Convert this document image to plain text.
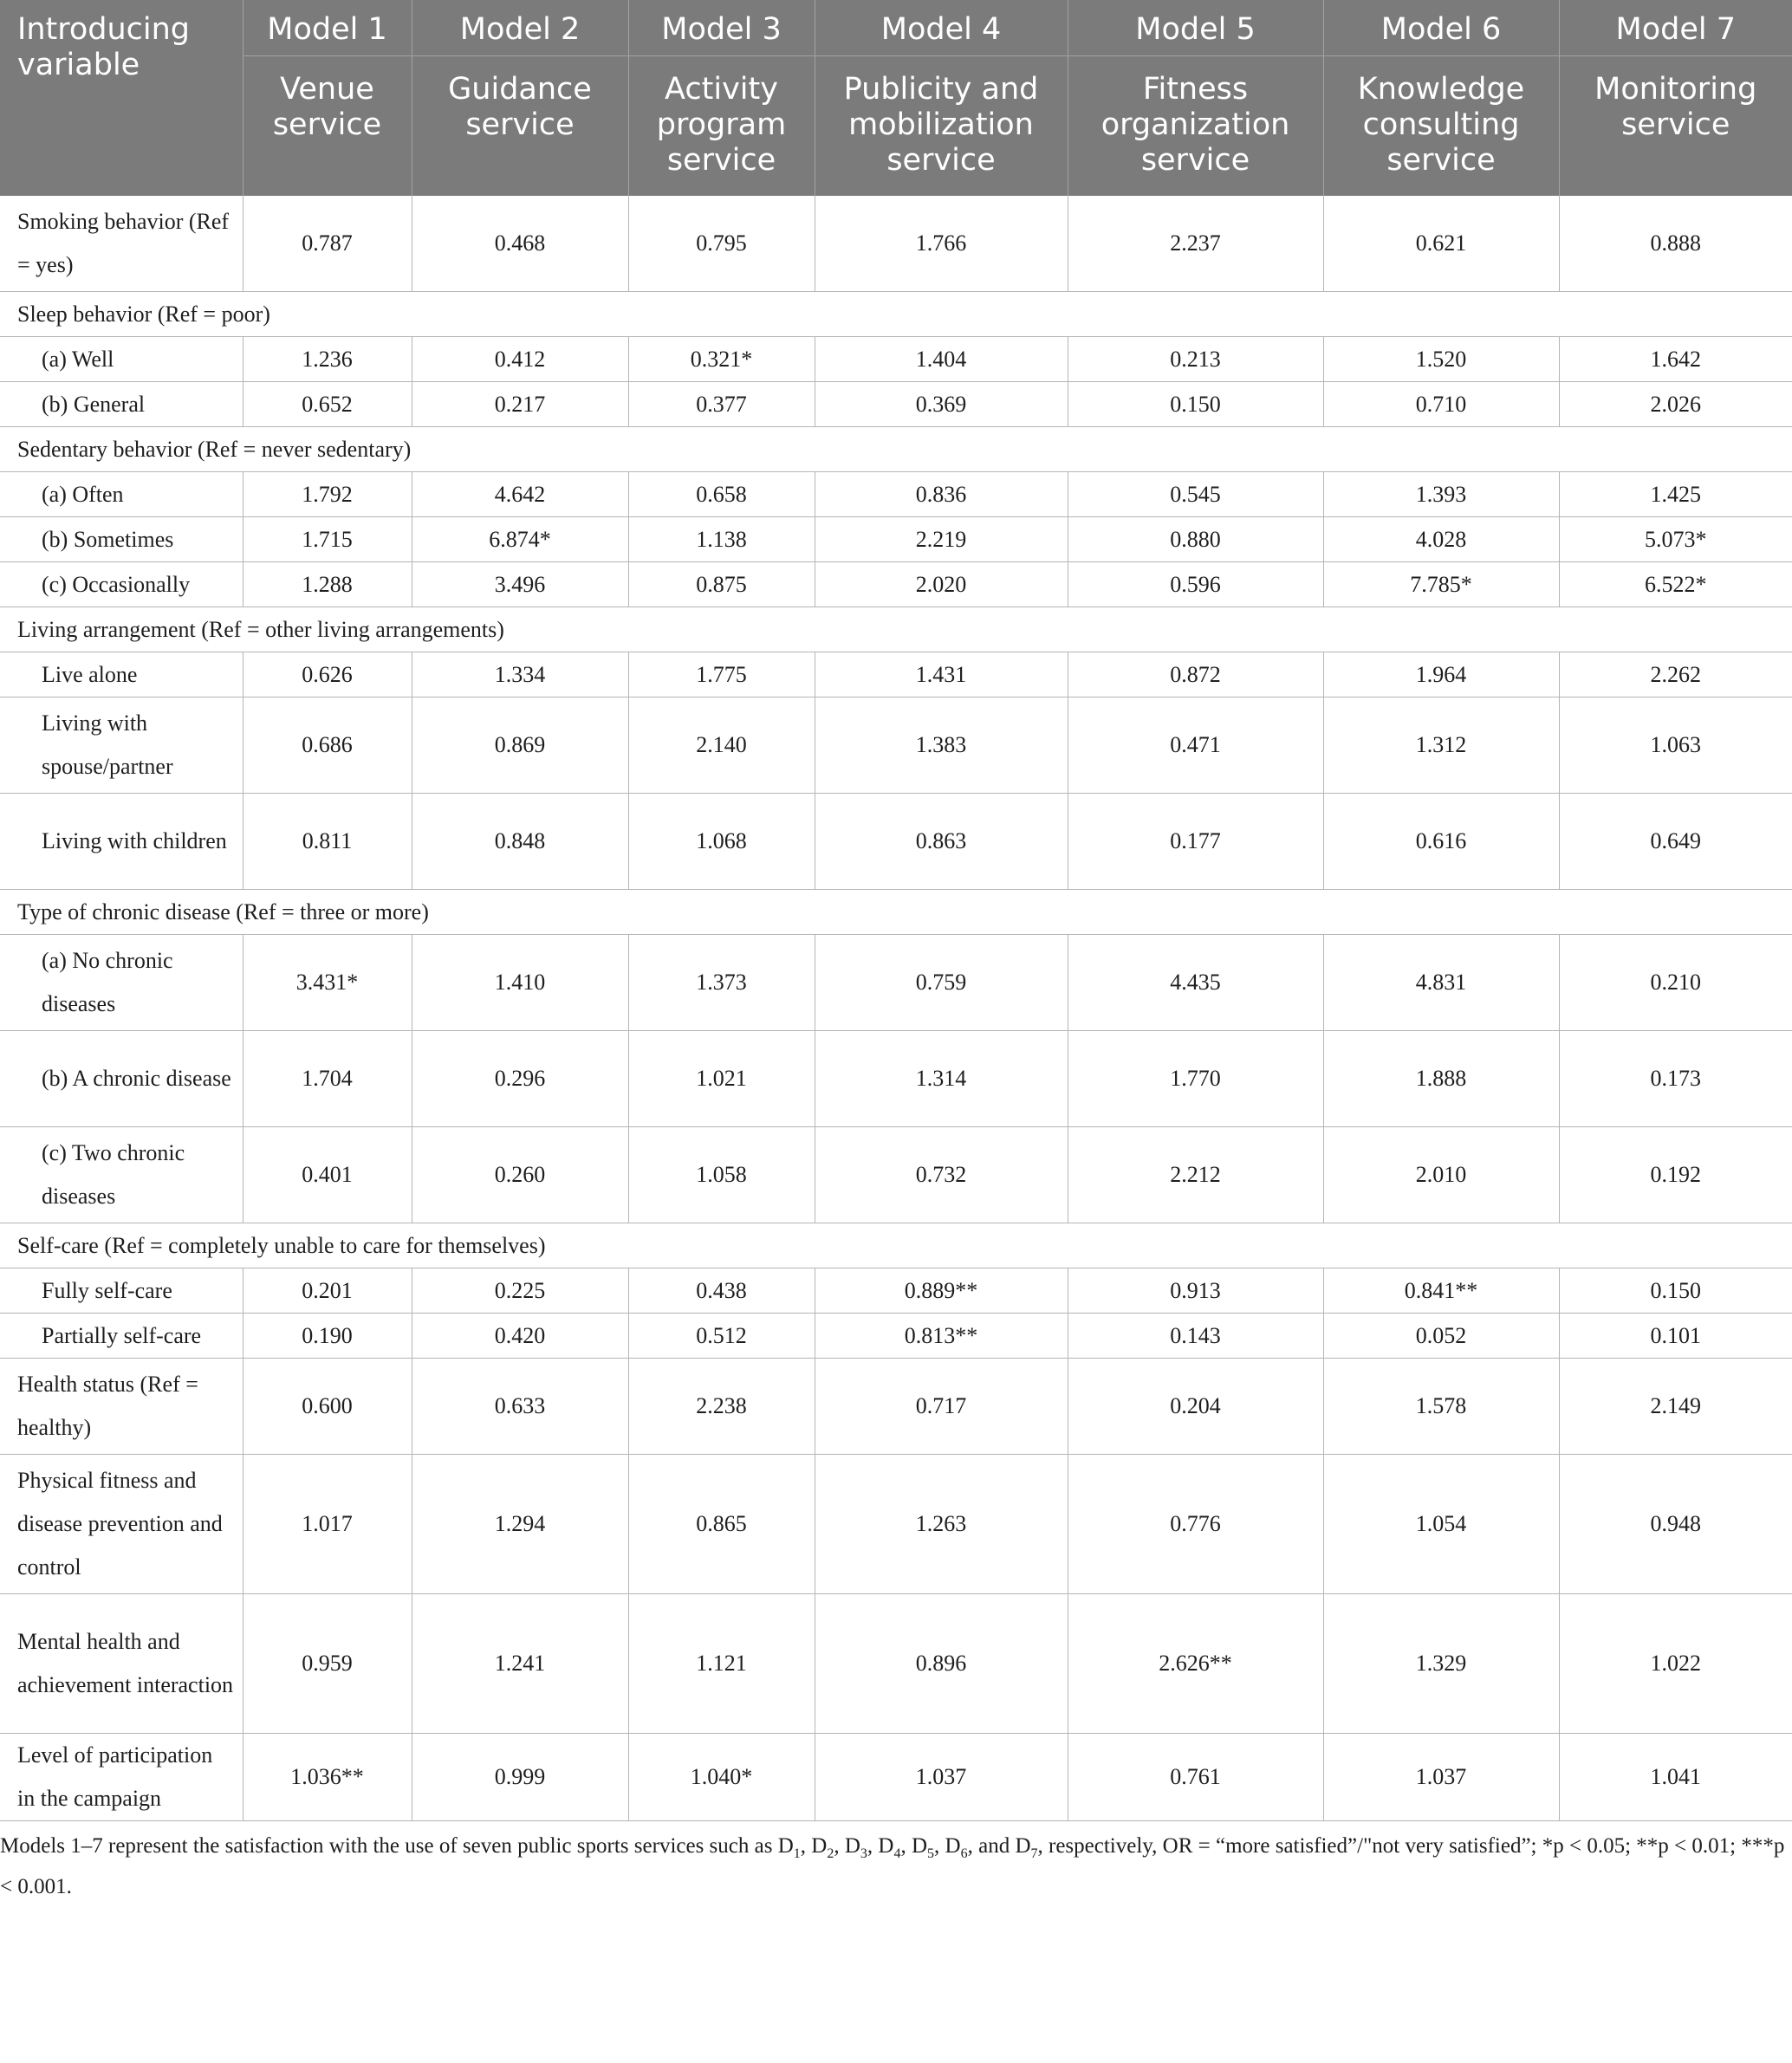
Introducing variable	Model 1	Model 2	Model 3	Model 4	Model 5	Model 6	Model 7
	Venue service	Guidance service	Activity program service	Publicity and mobilization service	Fitness organization service	Knowledge consulting service	Monitoring service
Smoking behavior (Ref = yes)	0.787	0.468	0.795	1.766	2.237	0.621	0.888
Sleep behavior (Ref = poor)							
(a) Well	1.236	0.412	0.321*	1.404	0.213	1.520	1.642
(b) General	0.652	0.217	0.377	0.369	0.150	0.710	2.026
Sedentary behavior (Ref = never sedentary)							
(a) Often	1.792	4.642	0.658	0.836	0.545	1.393	1.425
(b) Sometimes	1.715	6.874*	1.138	2.219	0.880	4.028	5.073*
(c) Occasionally	1.288	3.496	0.875	2.020	0.596	7.785*	6.522*
Living arrangement (Ref = other living arrangements)							
Live alone	0.626	1.334	1.775	1.431	0.872	1.964	2.262
Living with spouse/partner	0.686	0.869	2.140	1.383	0.471	1.312	1.063
Living with children	0.811	0.848	1.068	0.863	0.177	0.616	0.649
Type of chronic disease (Ref = three or more)							
(a) No chronic diseases	3.431*	1.410	1.373	0.759	4.435	4.831	0.210
(b) A chronic disease	1.704	0.296	1.021	1.314	1.770	1.888	0.173
(c) Two chronic diseases	0.401	0.260	1.058	0.732	2.212	2.010	0.192
Self-care (Ref = completely unable to care for themselves)							
Fully self-care	0.201	0.225	0.438	0.889**	0.913	0.841**	0.150
Partially self-care	0.190	0.420	0.512	0.813**	0.143	0.052	0.101
Health status (Ref = healthy)	0.600	0.633	2.238	0.717	0.204	1.578	2.149
Physical fitness and disease prevention and control	1.017	1.294	0.865	1.263	0.776	1.054	0.948
Mental health and achievement interaction	0.959	1.241	1.121	0.896	2.626**	1.329	1.022
Level of participation in the campaign	1.036**	0.999	1.040*	1.037	0.761	1.037	1.041
Models 1–7 represent the satisfaction with the use of seven public sports services such as $D_1$, $D_2$, $D_3$, $D_4$, $D_5$, $D_6$, and $D_7$, respectively, OR = “more satisfied”/"not very satisfied”; *p < 0.05; **p < 0.01; ***p < 0.001.
